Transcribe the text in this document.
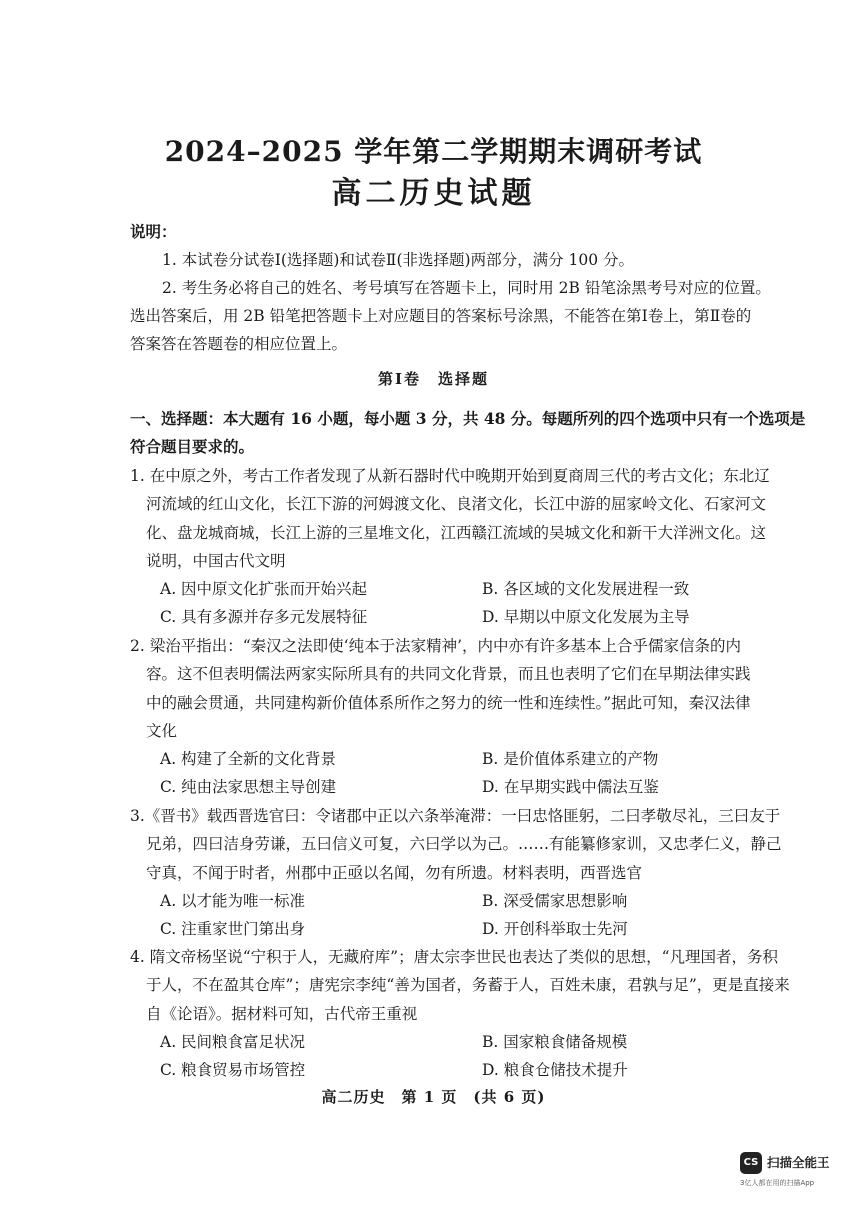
2024–2025 学年第二学期期末调研考试
高二历史试题
说明：
1. 本试卷分试卷Ⅰ(选择题)和试卷Ⅱ(非选择题)两部分，满分 100 分。
2. 考生务必将自己的姓名、考号填写在答题卡上，同时用 2B 铅笔涂黑考号对应的位置。
选出答案后，用 2B 铅笔把答题卡上对应题目的答案标号涂黑，不能答在第Ⅰ卷上，第Ⅱ卷的
答案答在答题卷的相应位置上。
第Ⅰ卷　选择题
一、选择题：本大题有 16 小题，每小题 3 分，共 48 分。每题所列的四个选项中只有一个选项是
符合题目要求的。
1. 在中原之外，考古工作者发现了从新石器时代中晚期开始到夏商周三代的考古文化；东北辽
河流域的红山文化，长江下游的河姆渡文化、良渚文化，长江中游的屈家岭文化、石家河文
化、盘龙城商城，长江上游的三星堆文化，江西赣江流域的吴城文化和新干大洋洲文化。这
说明，中国古代文明
A. 因中原文化扩张而开始兴起	B. 各区域的文化发展进程一致
C. 具有多源并存多元发展特征	D. 早期以中原文化发展为主导
2. 梁治平指出：“秦汉之法即使‘纯本于法家精神’，内中亦有许多基本上合乎儒家信条的内
容。这不但表明儒法两家实际所具有的共同文化背景，而且也表明了它们在早期法律实践
中的融会贯通，共同建构新价值体系所作之努力的统一性和连续性。”据此可知，秦汉法律
文化
A. 构建了全新的文化背景	B. 是价值体系建立的产物
C. 纯由法家思想主导创建	D. 在早期实践中儒法互鉴
3.《晋书》载西晋选官曰：令诸郡中正以六条举淹滞：一曰忠恪匪躬，二曰孝敬尽礼，三曰友于
兄弟，四曰洁身劳谦，五曰信义可复，六曰学以为己。……有能纂修家训，又忠孝仁义，静己
守真，不闻于时者，州郡中正亟以名闻，勿有所遗。材料表明，西晋选官
A. 以才能为唯一标准	B. 深受儒家思想影响
C. 注重家世门第出身	D. 开创科举取士先河
4. 隋文帝杨坚说“宁积于人，无藏府库”；唐太宗李世民也表达了类似的思想，“凡理国者，务积
于人，不在盈其仓库”；唐宪宗李纯“善为国者，务蓄于人，百姓未康，君孰与足”，更是直接来
自《论语》。据材料可知，古代帝王重视
A. 民间粮食富足状况	B. 国家粮食储备规模
C. 粮食贸易市场管控	D. 粮食仓储技术提升
高二历史　第 1 页　(共 6 页)
CS 扫描全能王
3亿人都在用的扫描App
